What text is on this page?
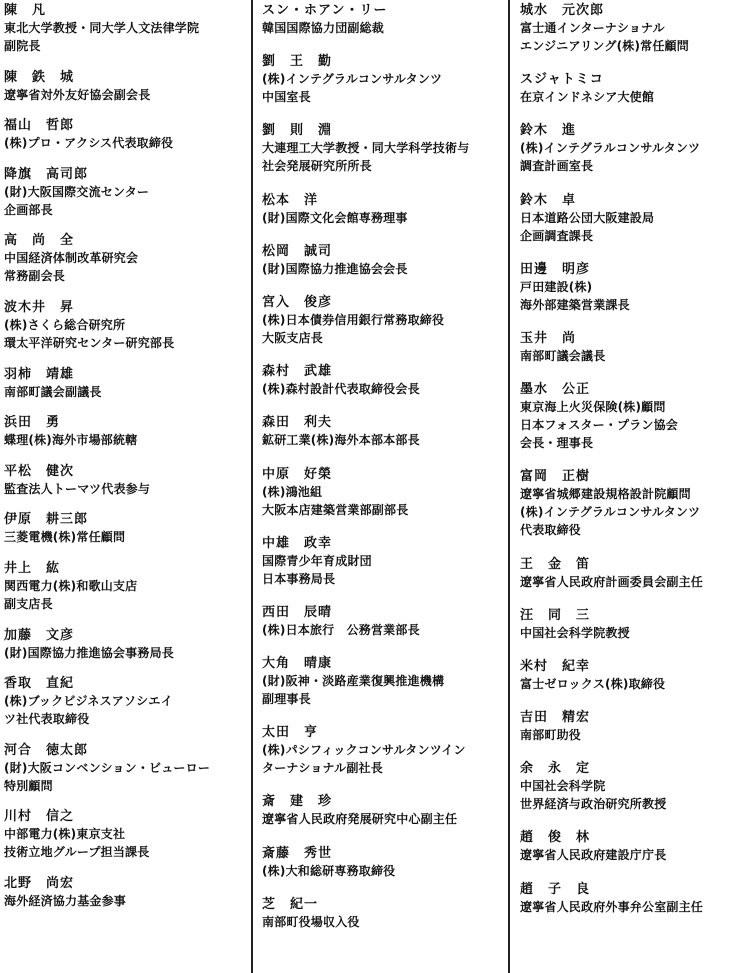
陳　凡
東北大学教授・同大学人文法律学院
副院長
陳　鉄　城
遼寧省対外友好協会副会長
福山　哲郎
(株)プロ・アクシス代表取締役
降旗　高司郎
(財)大阪国際交流センター
企画部長
高　尚　全
中国経済体制改革研究会
常務副会長
波木井　昇
(株)さくら総合研究所
環太平洋研究センター研究部長
羽柿　靖雄
南部町議会副議長
浜田　勇
蝶理(株)海外市場部統轄
平松　健次
監査法人トーマツ代表参与
伊原　耕三郎
三菱電機(株)常任顧問
井上　紘
関西電力(株)和歌山支店
副支店長
加藤　文彦
(財)国際協力推進協会事務局長
香取　直紀
(株)ブックビジネスアソシエイ
ツ社代表取締役
河合　徳太郎
(財)大阪コンベンション・ビューロー
特別顧問
川村　信之
中部電力(株)東京支社
技術立地グループ担当課長
北野　尚宏
海外経済協力基金参事
スン・ホアン・リー
韓国国際協力団副総裁
劉　王　勤
(株)インテグラルコンサルタンツ
中国室長
劉　則　淵
大連理工大学教授・同大学科学技術与
社会発展研究所所長
松本　洋
(財)国際文化会館専務理事
松岡　誠司
(財)国際協力推進協会会長
宮入　俊彦
(株)日本債券信用銀行常務取締役
大阪支店長
森村　武雄
(株)森村設計代表取締役会長
森田　利夫
鉱研工業(株)海外本部本部長
中原　好榮
(株)鴻池組
大阪本店建築営業部副部長
中雄　政幸
国際青少年育成財団
日本事務局長
西田　辰晴
(株)日本旅行　公務営業部長
大角　晴康
(財)阪神・淡路産業復興推進機構
副理事長
太田　亨
(株)パシフィックコンサルタンツイン
ターナショナル副社長
斎　建　珍
遼寧省人民政府発展研究中心副主任
斎藤　秀世
(株)大和総研専務取締役
芝　紀一
南部町役場収入役
城水　元次郎
富士通インターナショナル
エンジニアリング(株)常任顧問
スジャトミコ
在京インドネシア大使館
鈴木　進
(株)インテグラルコンサルタンツ
調査計画室長
鈴木　卓
日本道路公団大阪建設局
企画調査課長
田邊　明彦
戸田建設(株)
海外部建築営業課長
玉井　尚
南部町議会議長
墨水　公正
東京海上火災保険(株)顧問
日本フォスター・プラン協会
会長・理事長
富岡　正樹
遼寧省城郷建設規格設計院顧問
(株)インテグラルコンサルタンツ
代表取締役
王　金　笛
遼寧省人民政府計画委員会副主任
汪　同　三
中国社会科学院教授
米村　紀幸
富士ゼロックス(株)取締役
吉田　精宏
南部町助役
余　永　定
中国社会科学院
世界経済与政治研究所教授
趙　俊　林
遼寧省人民政府建設庁庁長
趙　子　良
遼寧省人民政府外事弁公室副主任
